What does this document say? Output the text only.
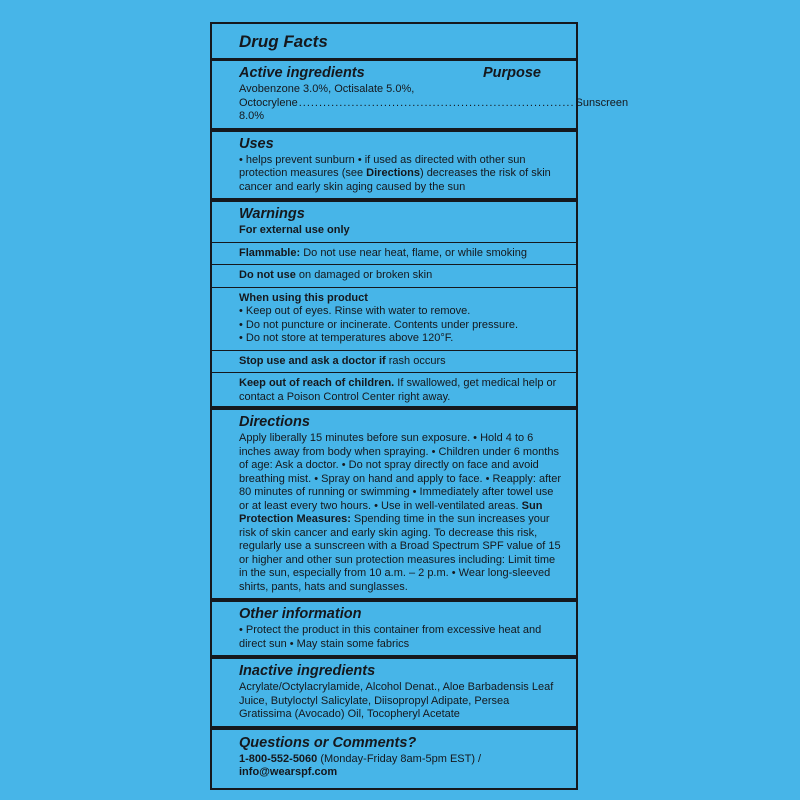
Drug Facts
Active ingredients	Purpose
Avobenzone 3.0%, Octisalate 5.0%,
Octocrylene 8.0%
.................................................................... Sunscreen
Uses
• helps prevent sunburn • if used as directed with other sun protection measures (see Directions) decreases the risk of skin cancer and early skin aging caused by the sun
Warnings
For external use only
Flammable: Do not use near heat, flame, or while smoking
Do not use on damaged or broken skin
When using this product
• Keep out of eyes. Rinse with water to remove.
• Do not puncture or incinerate. Contents under pressure.
• Do not store at temperatures above 120°F.
Stop use and ask a doctor if rash occurs
Keep out of reach of children. If swallowed, get medical help or contact a Poison Control Center right away.
Directions
Apply liberally 15 minutes before sun exposure. • Hold 4 to 6 inches away from body when spraying. • Children under 6 months of age: Ask a doctor. • Do not spray directly on face and avoid breathing mist. • Spray on hand and apply to face. • Reapply: after 80 minutes of running or swimming • Immediately after towel use or at least every two hours. • Use in well-ventilated areas. Sun Protection Measures: Spending time in the sun increases your risk of skin cancer and early skin aging. To decrease this risk, regularly use a sunscreen with a Broad Spectrum SPF value of 15 or higher and other sun protection measures including: Limit time in the sun, especially from 10 a.m. – 2 p.m. • Wear long-sleeved shirts, pants, hats and sunglasses.
Other information
• Protect the product in this container from excessive heat and direct sun • May stain some fabrics
Inactive ingredients
Acrylate/Octylacrylamide, Alcohol Denat., Aloe Barbadensis Leaf Juice, Butyloctyl Salicylate, Diisopropyl Adipate, Persea Gratissima (Avocado) Oil, Tocopheryl Acetate
Questions or Comments?
1-800-552-5060 (Monday-Friday 8am-5pm EST) / info@wearspf.com
